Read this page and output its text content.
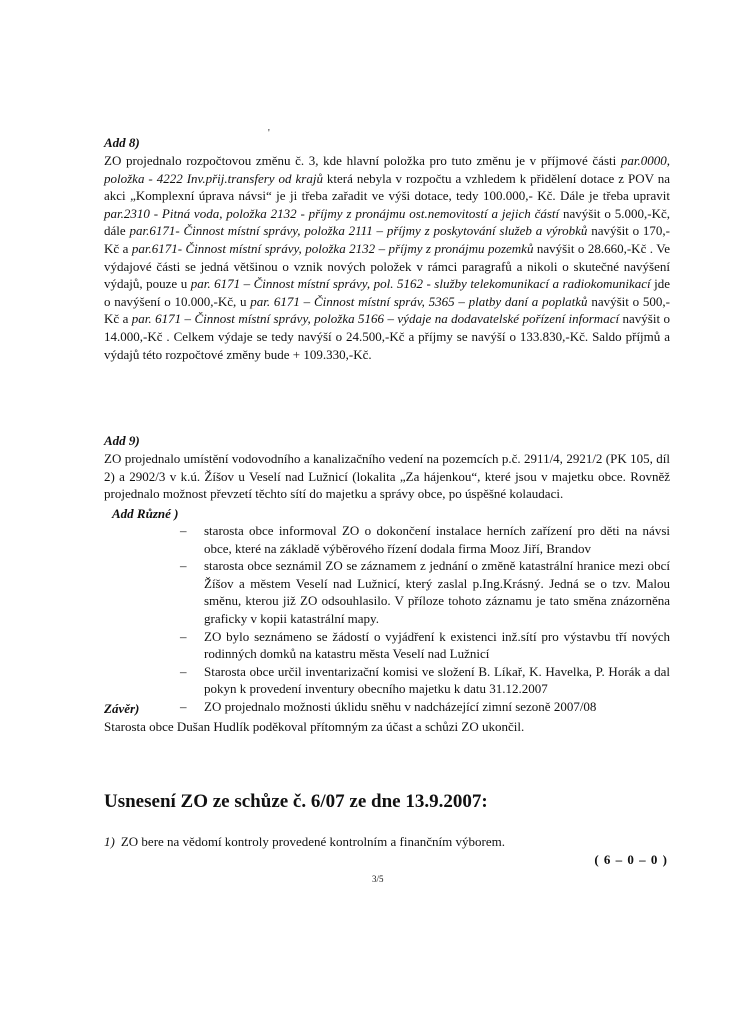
'
Add 8)
ZO projednalo rozpočtovou změnu č. 3, kde hlavní položka pro tuto změnu je v příjmové části par.0000, položka - 4222 Inv.přij.transfery od krajů která nebyla v rozpočtu a vzhledem k přidělení dotace z POV na akci „Komplexní úprava návsi“ je ji třeba zařadit ve výši dotace, tedy 100.000,- Kč. Dále je třeba upravit par.2310 - Pitná voda, položka 2132 - příjmy z pronájmu ost.nemovitostí a jejich částí navýšit o 5.000,-Kč, dále par.6171- Činnost místní správy, položka 2111 – příjmy z poskytování služeb a výrobků navýšit o 170,-Kč a par.6171- Činnost místní správy, položka 2132 – příjmy z pronájmu pozemků navýšit o 28.660,-Kč . Ve výdajové části se jedná většinou o vznik nových položek v rámci paragrafů a nikoli o skutečné navýšení výdajů, pouze u par. 6171 – Činnost místní správy, pol. 5162 - služby telekomunikací a radiokomunikací jde o navýšení o 10.000,-Kč, u par. 6171 – Činnost místní správ, 5365 – platby daní a poplatků navýšit o 500,-Kč a par. 6171 – Činnost místní správy, položka 5166 – výdaje na dodavatelské pořízení informací navýšit o 14.000,-Kč . Celkem výdaje se tedy navýší o 24.500,-Kč a příjmy se navýší o 133.830,-Kč. Saldo příjmů a výdajů této rozpočtové změny bude + 109.330,-Kč.
Add 9)
ZO projednalo umístění vodovodního a kanalizačního vedení na pozemcích p.č. 2911/4, 2921/2 (PK 105, díl 2) a 2902/3 v k.ú. Žíšov u Veselí nad Lužnicí (lokalita „Za hájenkou“, které jsou v majetku obce. Rovněž projednalo možnost převzetí těchto sítí do majetku a správy obce, po úspěšné kolaudaci.
Add Různé )
– starosta obce informoval ZO o dokončení instalace herních zařízení pro děti na návsi obce, které na základě výběrového řízení dodala firma Mooz Jiří, Brandov
– starosta obce seznámil ZO se záznamem z jednání o změně katastrální hranice mezi obcí Žíšov a městem Veselí nad Lužnicí, který zaslal p.Ing.Krásný. Jedná se o tzv. Malou směnu, kterou již ZO odsouhlasilo. V příloze tohoto záznamu je tato směna znázorněna graficky v kopii katastrální mapy.
– ZO bylo seznámeno se žádostí o vyjádření k existenci inž.sítí pro výstavbu tří nových rodinných domků na katastru města Veselí nad Lužnicí
– Starosta obce určil inventarizační komisi ve složení B. Líkař, K. Havelka, P. Horák a dal pokyn k provedení inventury obecního majetku k datu 31.12.2007
– ZO projednalo možnosti úklidu sněhu v nadcházející zimní sezoně 2007/08
Závěr)
Starosta obce Dušan Hudlík poděkoval přítomným za účast a schůzi ZO ukončil.
Usnesení ZO ze schůze č. 6/07 ze dne 13.9.2007:
1) ZO bere na vědomí kontroly provedené kontrolním a finančním výborem.
( 6 – 0 – 0 )
3/5
